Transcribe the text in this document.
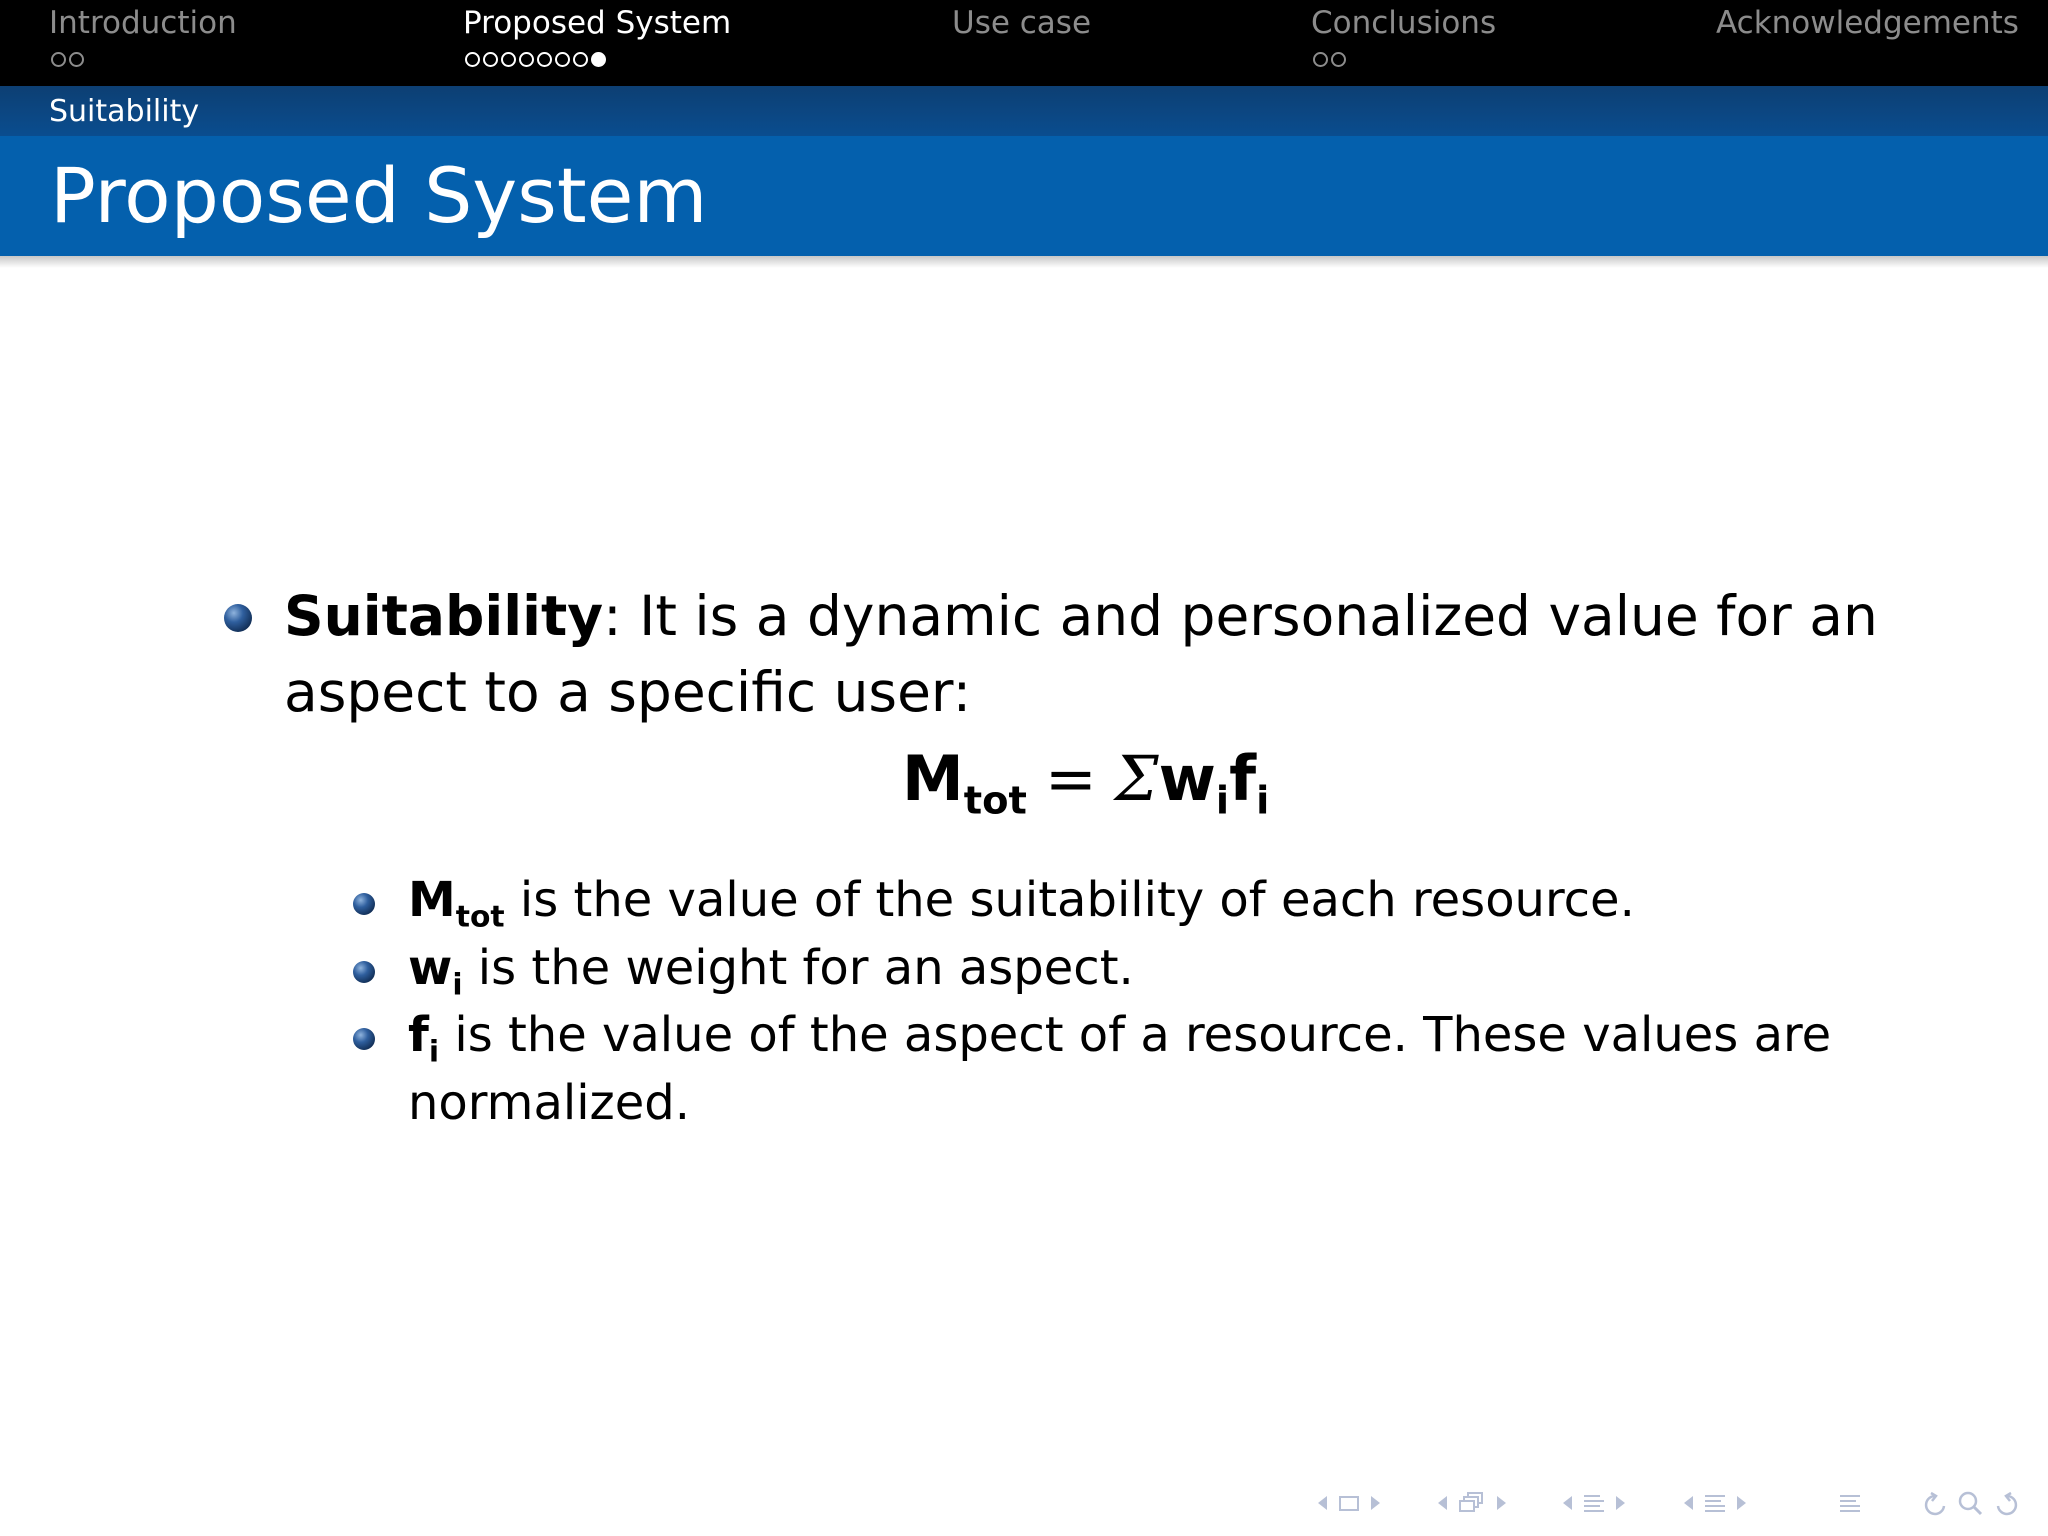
Introduction	Proposed System	Use case	Conclusions	Acknowledgements
Suitability
Proposed System
Suitability: It is a dynamic and personalized value for an
aspect to a specific user:
$M_{tot} = \Sigma w_if_i$
$M_{tot}$ is the value of the suitability of each resource.
$w_i$ is the weight for an aspect.
$f_i$ is the value of the aspect of a resource. These values are
normalized.
